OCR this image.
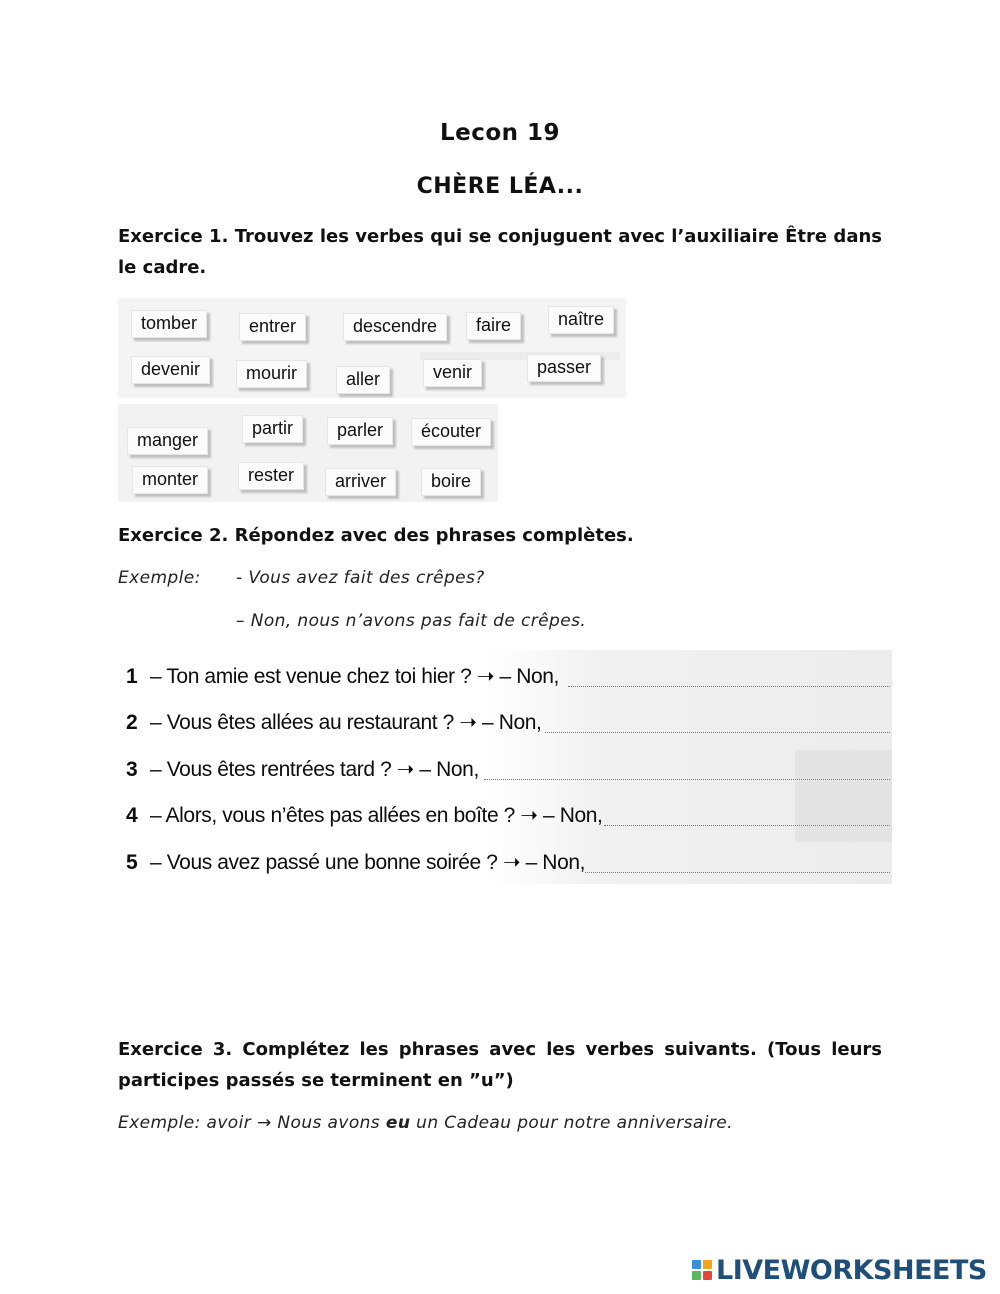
Lecon 19
CHÈRE LÉA...
Exercice 1. Trouvez les verbes qui se conjuguent avec l’auxiliaire Être dans le cadre.
tomber	entrer	descendre	faire	naître
devenir	mourir	aller	venir	passer
manger
partir	parler	écouter
monter	rester	arriver	boire
Exercice 2. Répondez avec des phrases complètes.
Exemple: - Vous avez fait des crêpes?
– Non, nous n’avons pas fait de crêpes.
1 – Ton amie est venue chez toi hier ? ➝ – Non,
2 – Vous êtes allées au restaurant ? ➝ – Non,
3 – Vous êtes rentrées tard ? ➝ – Non,
4 – Alors, vous n’êtes pas allées en boîte ? ➝ – Non,
5 – Vous avez passé une bonne soirée ? ➝ – Non,
Exercice 3. Complétez les phrases avec les verbes suivants. (Tous leurs participes passés se terminent en ”u”)
Exemple: avoir → Nous avons eu un Cadeau pour notre anniversaire.
LIVEWORKSHEETS
